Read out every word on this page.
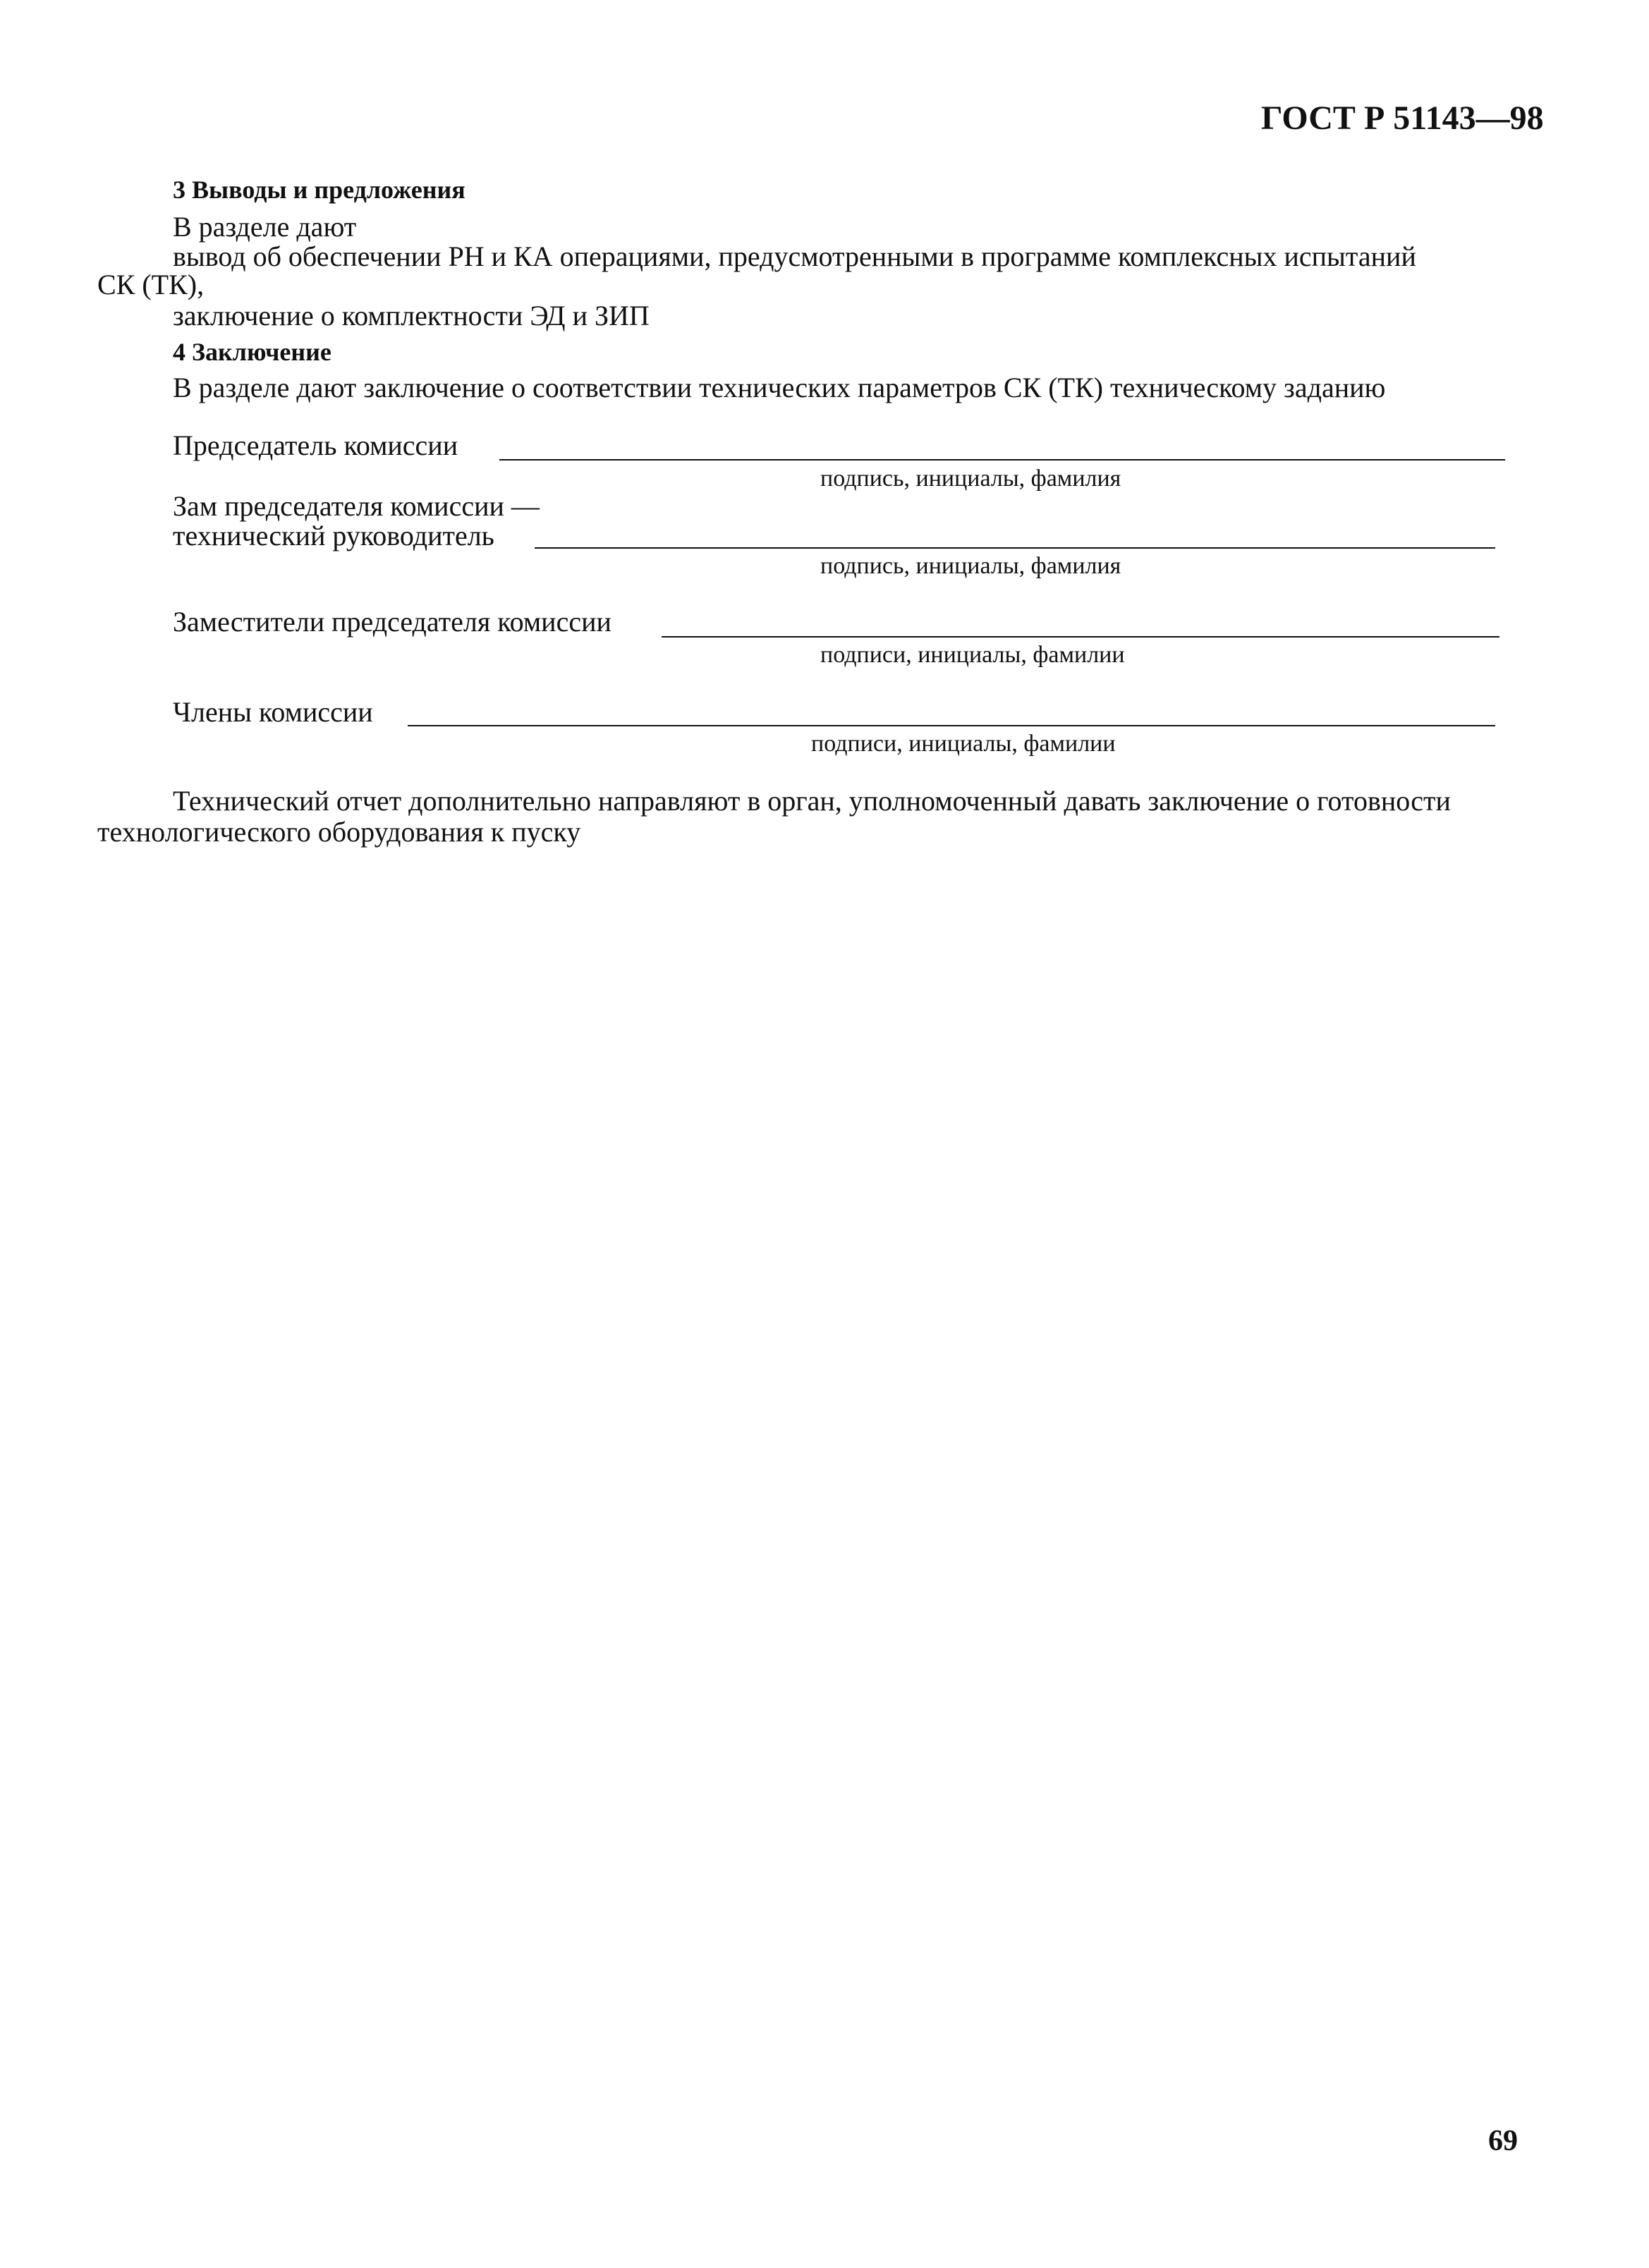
ГОСТ Р 51143—98
3 Выводы и предложения
В разделе дают
вывод об обеспечении РН и КА операциями, предусмотренными в программе комплексных испытаний
СК (ТК),
заключение о комплектности ЭД и ЗИП
4 Заключение
В разделе дают заключение о соответствии технических параметров СК (ТК) техническому заданию
Председатель комиссии
подпись, инициалы, фамилия
Зам председателя комиссии —
технический руководитель
подпись, инициалы, фамилия
Заместители председателя комиссии
подписи, инициалы, фамилии
Члены комиссии
подписи, инициалы, фамилии
Технический отчет дополнительно направляют в орган, уполномоченный давать заключение о готовности
технологического оборудования к пуску
69
